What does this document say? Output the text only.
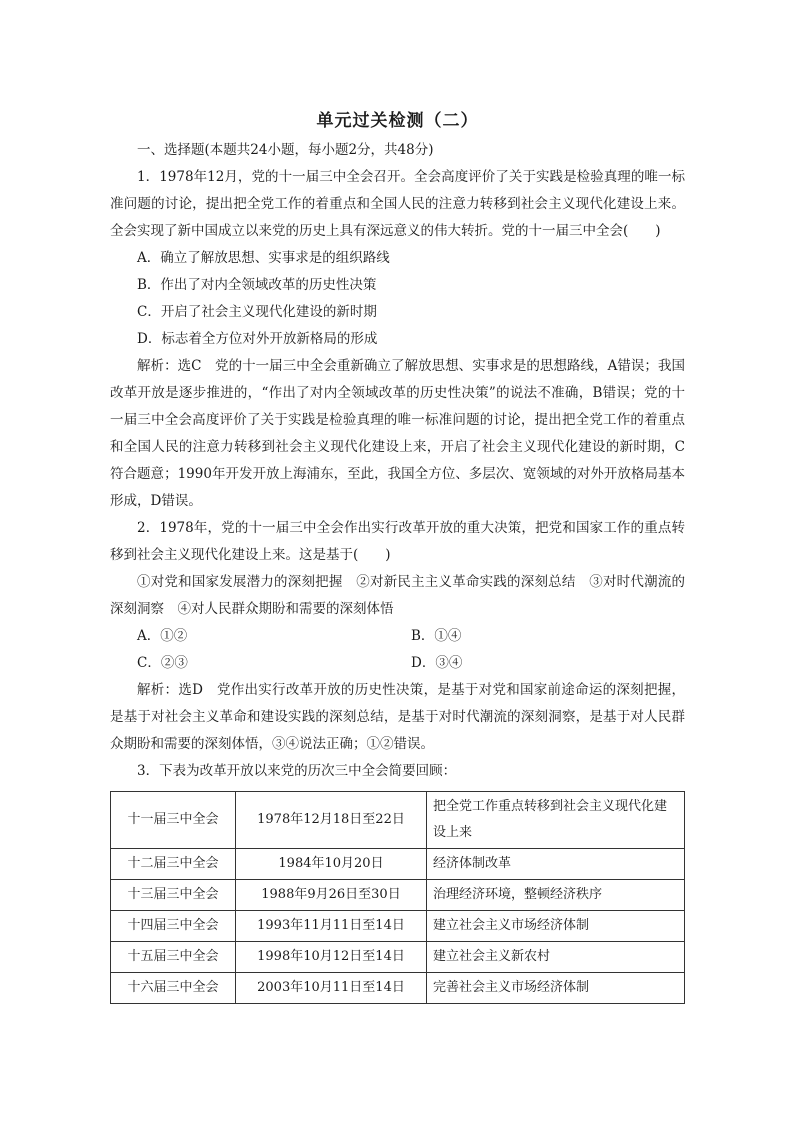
单元过关检测（二）

一、选择题(本题共24小题，每小题2分，共48分)

1．1978年12月，党的十一届三中全会召开。全会高度评价了关于实践是检验真理的唯一标准问题的讨论，提出把全党工作的着重点和全国人民的注意力转移到社会主义现代化建设上来。全会实现了新中国成立以来党的历史上具有深远意义的伟大转折。党的十一届三中全会(　　)

A．确立了解放思想、实事求是的组织路线

B．作出了对内全领域改革的历史性决策

C．开启了社会主义现代化建设的新时期

D．标志着全方位对外开放新格局的形成

解析：选C　党的十一届三中全会重新确立了解放思想、实事求是的思想路线，A错误；我国改革开放是逐步推进的，“作出了对内全领域改革的历史性决策”的说法不准确，B错误；党的十一届三中全会高度评价了关于实践是检验真理的唯一标准问题的讨论，提出把全党工作的着重点和全国人民的注意力转移到社会主义现代化建设上来，开启了社会主义现代化建设的新时期，C符合题意；1990年开发开放上海浦东，至此，我国全方位、多层次、宽领域的对外开放格局基本形成，D错误。

2．1978年，党的十一届三中全会作出实行改革开放的重大决策，把党和国家工作的重点转移到社会主义现代化建设上来。这是基于(　　)

①对党和国家发展潜力的深刻把握　②对新民主主义革命实践的深刻总结　③对时代潮流的深刻洞察　④对人民群众期盼和需要的深刻体悟

A．①②	B．①④
C．②③	D．③④

解析：选D　党作出实行改革开放的历史性决策，是基于对党和国家前途命运的深刻把握，是基于对社会主义革命和建设实践的深刻总结，是基于对时代潮流的深刻洞察，是基于对人民群众期盼和需要的深刻体悟，③④说法正确；①②错误。

3．下表为改革开放以来党的历次三中全会简要回顾：

十一届三中全会	1978年12月18日至22日	把全党工作重点转移到社会主义现代化建设上来
十二届三中全会	1984年10月20日	经济体制改革
十三届三中全会	1988年9月26日至30日	治理经济环境，整顿经济秩序
十四届三中全会	1993年11月11日至14日	建立社会主义市场经济体制
十五届三中全会	1998年10月12日至14日	建立社会主义新农村
十六届三中全会	2003年10月11日至14日	完善社会主义市场经济体制
